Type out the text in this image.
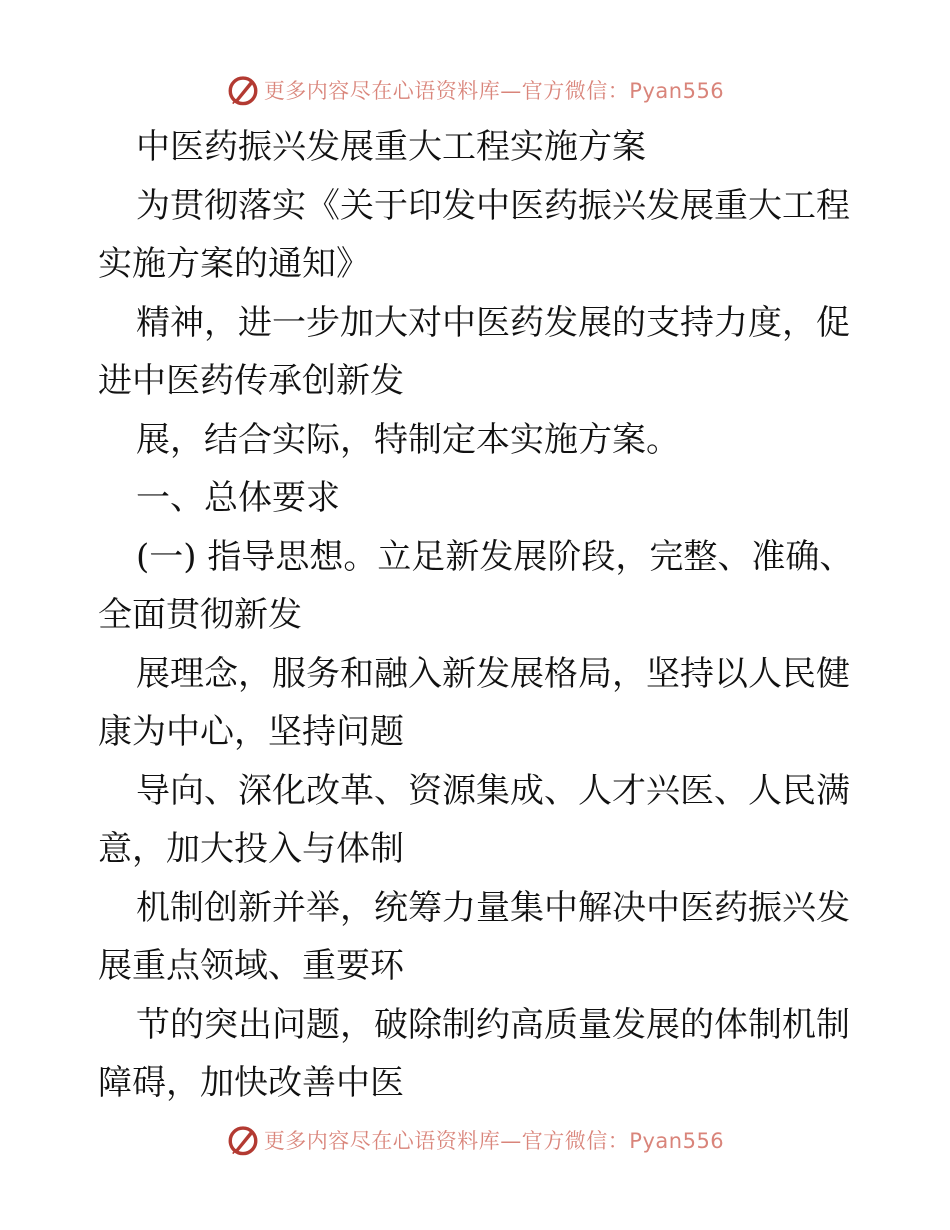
更多内容尽在心语资料库—官方微信：Pyan556
中医药振兴发展重大工程实施方案
为贯彻落实《关于印发中医药振兴发展重大工程
实施方案的通知》
精神，进一步加大对中医药发展的支持力度，促
进中医药传承创新发
展，结合实际，特制定本实施方案。
一、总体要求
(一) 指导思想。立足新发展阶段，完整、准确、
全面贯彻新发
展理念，服务和融入新发展格局，坚持以人民健
康为中心，坚持问题
导向、深化改革、资源集成、人才兴医、人民满
意，加大投入与体制
机制创新并举，统筹力量集中解决中医药振兴发
展重点领域、重要环
节的突出问题，破除制约高质量发展的体制机制
障碍，加快改善中医
更多内容尽在心语资料库—官方微信：Pyan556
